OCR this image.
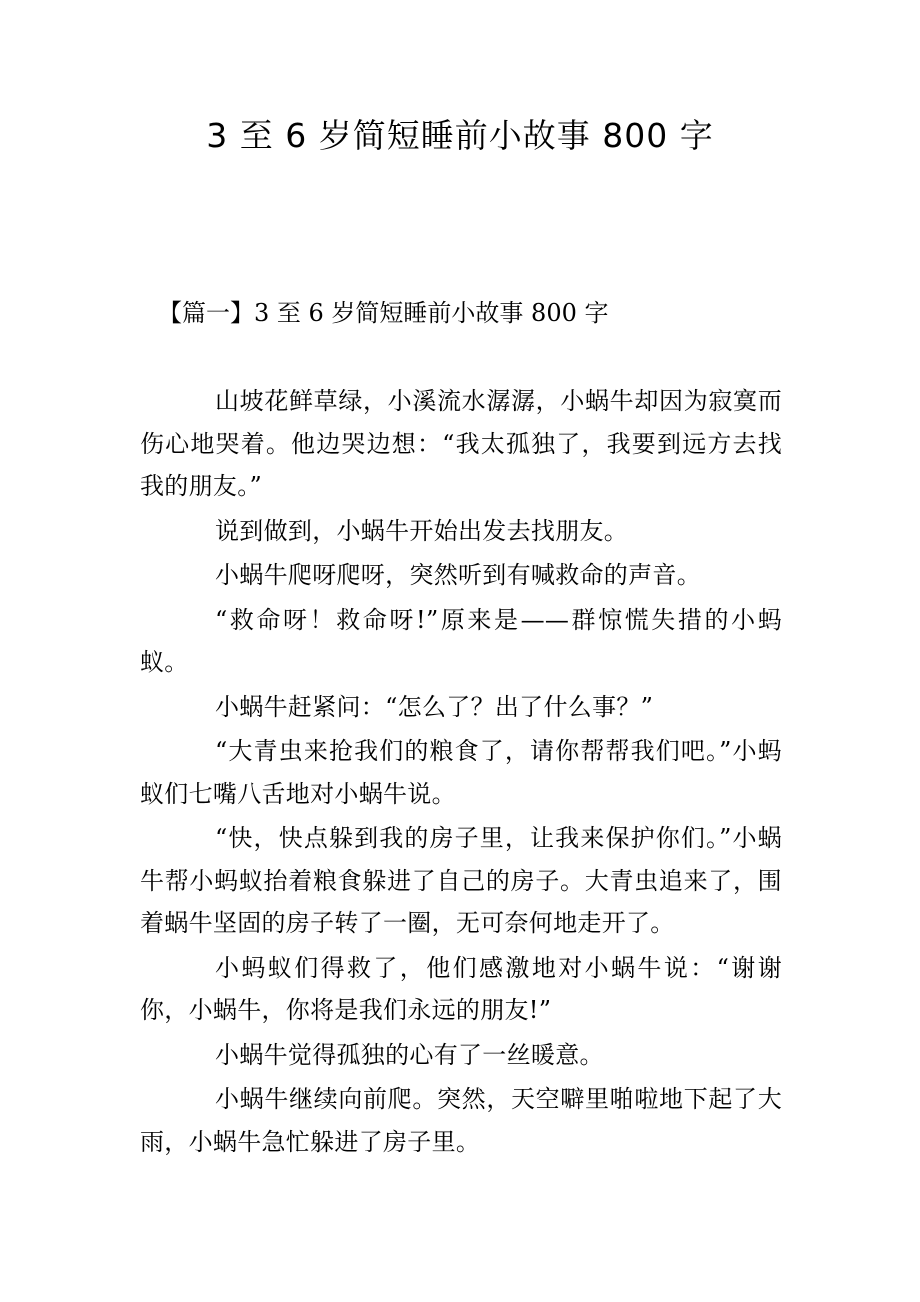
3 至 6 岁简短睡前小故事 800 字
【篇一】3 至 6 岁简短睡前小故事 800 字

山坡花鲜草绿，小溪流水潺潺，小蜗牛却因为寂寞而伤心地哭着。他边哭边想：“我太孤独了，我要到远方去找我的朋友。”

说到做到，小蜗牛开始出发去找朋友。

小蜗牛爬呀爬呀，突然听到有喊救命的声音。

“救命呀！救命呀!”原来是——群惊慌失措的小蚂蚁。

小蜗牛赶紧问：“怎么了？出了什么事？”

“大青虫来抢我们的粮食了，请你帮帮我们吧。”小蚂蚁们七嘴八舌地对小蜗牛说。

“快，快点躲到我的房子里，让我来保护你们。”小蜗牛帮小蚂蚁抬着粮食躲进了自己的房子。大青虫追来了，围着蜗牛坚固的房子转了一圈，无可奈何地走开了。

小蚂蚁们得救了，他们感激地对小蜗牛说：“谢谢你，小蜗牛，你将是我们永远的朋友!”

小蜗牛觉得孤独的心有了一丝暖意。

小蜗牛继续向前爬。突然，天空噼里啪啦地下起了大雨，小蜗牛急忙躲进了房子里。
